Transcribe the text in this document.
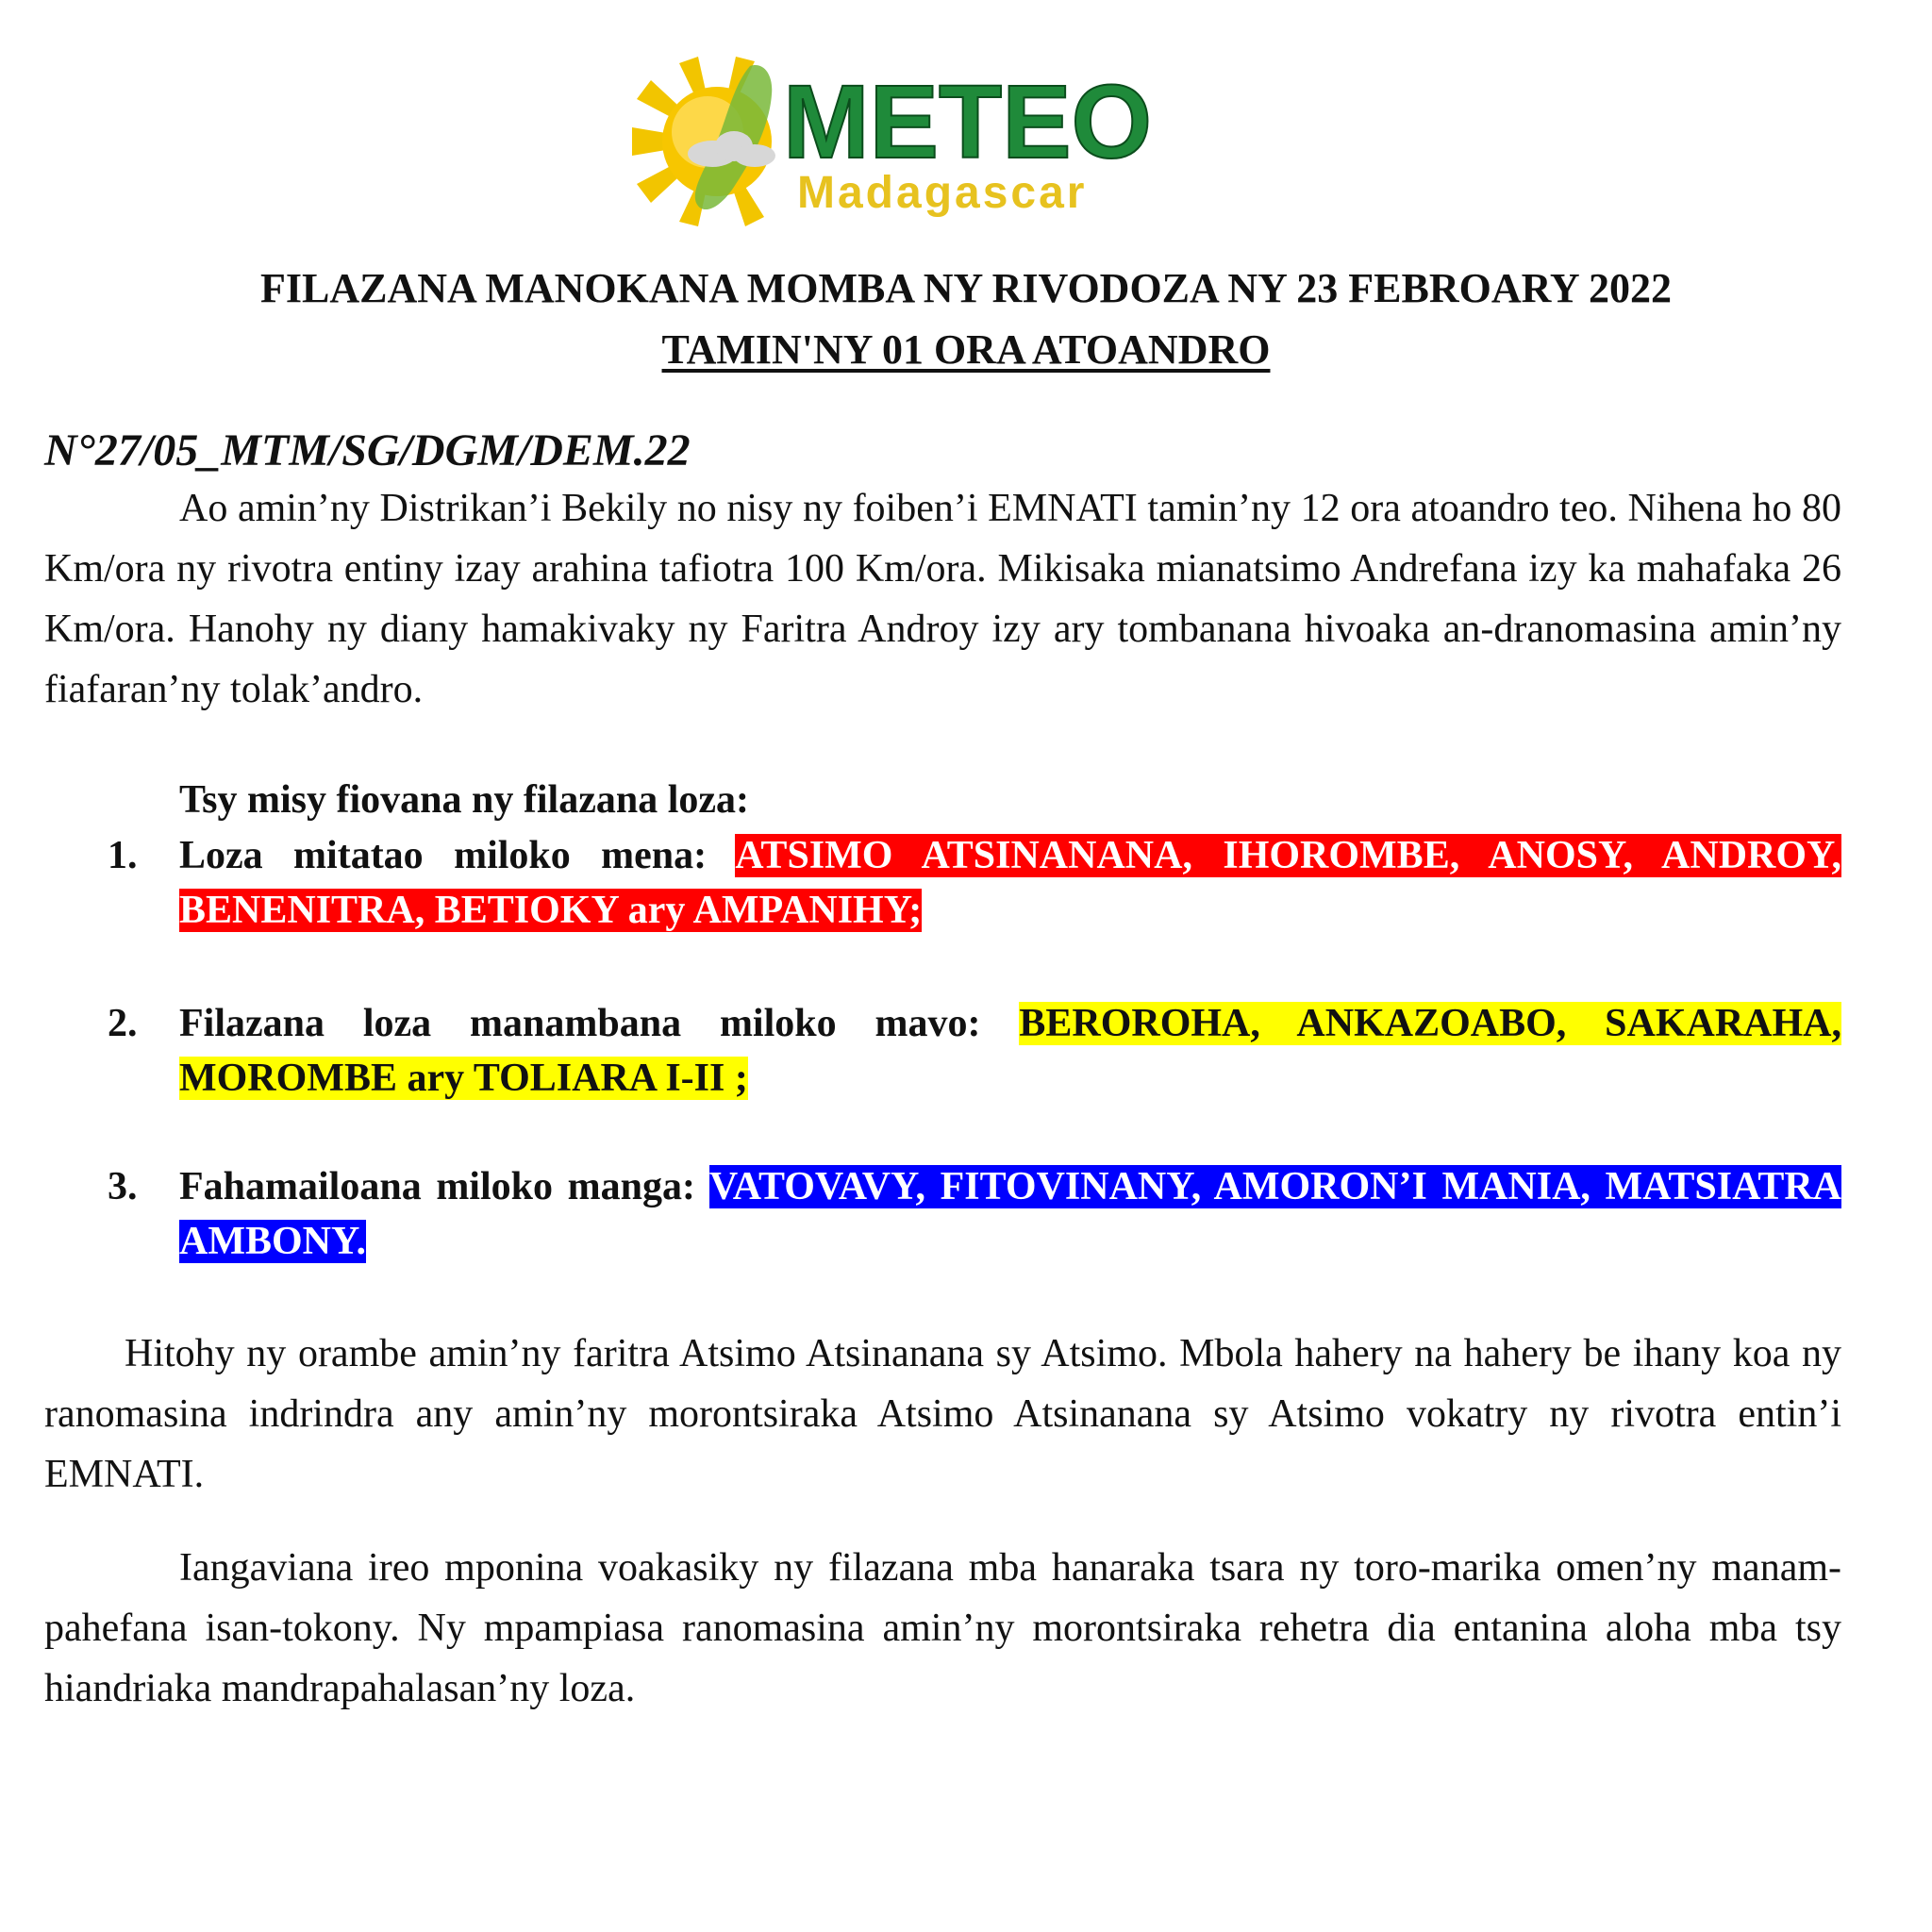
METEO
Madagascar
FILAZANA MANOKANA MOMBA NY RIVODOZA NY 23 FEBROARY 2022
TAMIN'NY 01 ORA ATOANDRO
N°27/05_MTM/SG/DGM/DEM.22

Ao amin’ny Distrikan’i Bekily no nisy ny foiben’i EMNATI tamin’ny 12 ora atoandro teo. Nihena ho 80 Km/ora ny rivotra entiny izay arahina tafiotra 100 Km/ora. Mikisaka mianatsimo Andrefana izy ka mahafaka 26 Km/ora. Hanohy ny diany hamakivaky ny Faritra Androy izy ary tombanana hivoaka an-dranomasina amin’ny fiafaran’ny tolak’andro.

Tsy misy fiovana ny filazana loza:

1. Loza mitatao miloko mena: ATSIMO ATSINANANA, IHOROMBE, ANOSY, ANDROY, BENENITRA, BETIOKY ary AMPANIHY;

2. Filazana loza manambana miloko mavo: BEROROHA, ANKAZOABO, SAKARAHA, MOROMBE ary TOLIARA I-II ;

3. Fahamailoana miloko manga: VATOVAVY, FITOVINANY, AMORON’I MANIA, MATSIATRA AMBONY.

Hitohy ny orambe amin’ny faritra Atsimo Atsinanana sy Atsimo. Mbola hahery na hahery be ihany koa ny ranomasina indrindra any amin’ny morontsiraka Atsimo Atsinanana sy Atsimo vokatry ny rivotra entin’i EMNATI.

Iangaviana ireo mponina voakasiky ny filazana mba hanaraka tsara ny toro-marika omen’ny manam-pahefana isan-tokony. Ny mpampiasa ranomasina amin’ny morontsiraka rehetra dia entanina aloha mba tsy hiandriaka mandrapahalasan’ny loza.
